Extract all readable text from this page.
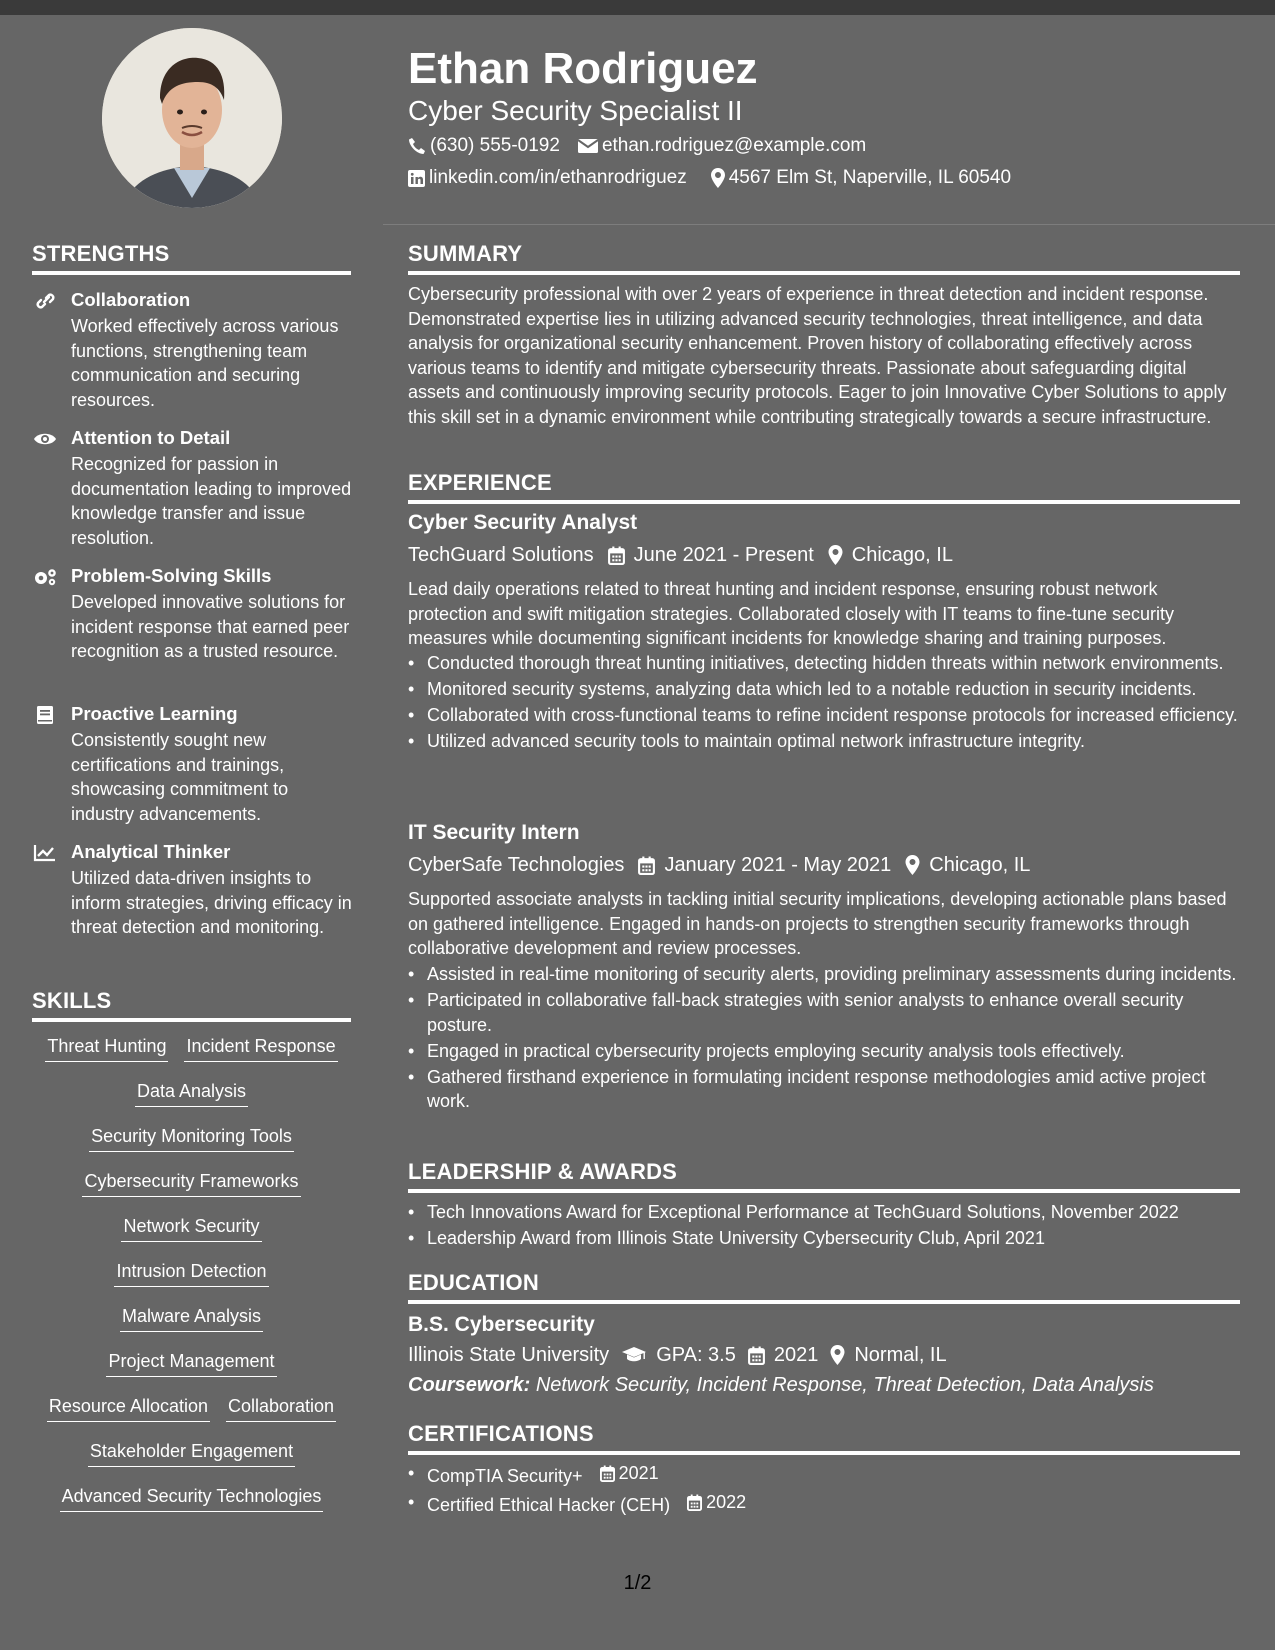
Ethan Rodriguez
Cyber Security Specialist II
(630) 555-0192 ethan.rodriguez@example.com
linkedin.com/in/ethanrodriguez 4567 Elm St, Naperville, IL 60540
STRENGTHS
Collaboration
Worked effectively across various functions, strengthening team communication and securing resources.
Attention to Detail
Recognized for passion in documentation leading to improved knowledge transfer and issue resolution.
Problem-Solving Skills
Developed innovative solutions for incident response that earned peer recognition as a trusted resource.
Proactive Learning
Consistently sought new certifications and trainings, showcasing commitment to industry advancements.
Analytical Thinker
Utilized data-driven insights to inform strategies, driving efficacy in threat detection and monitoring.
SKILLS
Threat Hunting Incident Response
Data Analysis
Security Monitoring Tools
Cybersecurity Frameworks
Network Security
Intrusion Detection
Malware Analysis
Project Management
Resource Allocation Collaboration
Stakeholder Engagement
Advanced Security Technologies
SUMMARY
Cybersecurity professional with over 2 years of experience in threat detection and incident response. Demonstrated expertise lies in utilizing advanced security technologies, threat intelligence, and data analysis for organizational security enhancement. Proven history of collaborating effectively across various teams to identify and mitigate cybersecurity threats. Passionate about safeguarding digital assets and continuously improving security protocols. Eager to join Innovative Cyber Solutions to apply this skill set in a dynamic environment while contributing strategically towards a secure infrastructure.
EXPERIENCE
Cyber Security Analyst
TechGuard Solutions June 2021 - Present Chicago, IL
Lead daily operations related to threat hunting and incident response, ensuring robust network protection and swift mitigation strategies. Collaborated closely with IT teams to fine-tune security measures while documenting significant incidents for knowledge sharing and training purposes.
• Conducted thorough threat hunting initiatives, detecting hidden threats within network environments.
• Monitored security systems, analyzing data which led to a notable reduction in security incidents.
• Collaborated with cross-functional teams to refine incident response protocols for increased efficiency.
• Utilized advanced security tools to maintain optimal network infrastructure integrity.
IT Security Intern
CyberSafe Technologies January 2021 - May 2021 Chicago, IL
Supported associate analysts in tackling initial security implications, developing actionable plans based on gathered intelligence. Engaged in hands-on projects to strengthen security frameworks through collaborative development and review processes.
• Assisted in real-time monitoring of security alerts, providing preliminary assessments during incidents.
• Participated in collaborative fall-back strategies with senior analysts to enhance overall security posture.
• Engaged in practical cybersecurity projects employing security analysis tools effectively.
• Gathered firsthand experience in formulating incident response methodologies amid active project work.
LEADERSHIP & AWARDS
• Tech Innovations Award for Exceptional Performance at TechGuard Solutions, November 2022
• Leadership Award from Illinois State University Cybersecurity Club, April 2021
EDUCATION
B.S. Cybersecurity
Illinois State University GPA: 3.5 2021 Normal, IL
Coursework: Network Security, Incident Response, Threat Detection, Data Analysis
CERTIFICATIONS
• CompTIA Security+ 2021
• Certified Ethical Hacker (CEH) 2022
1/2
